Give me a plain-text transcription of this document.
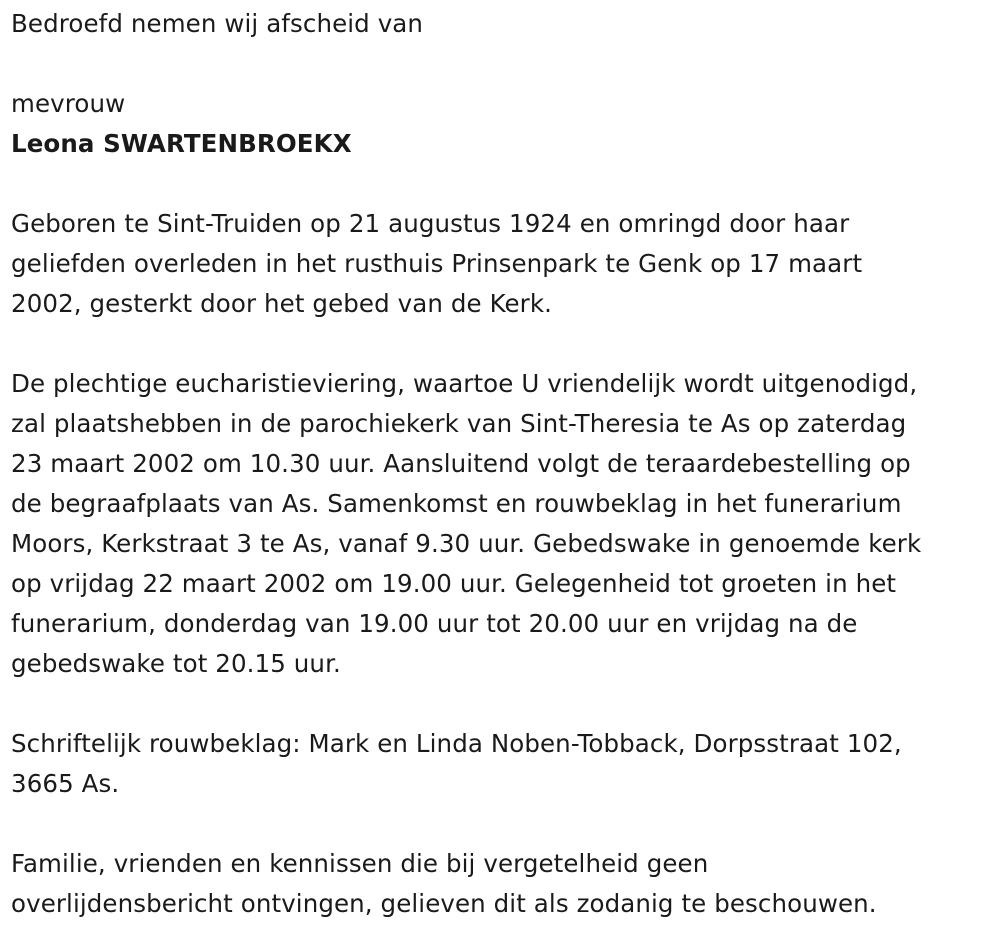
Bedroefd nemen wij afscheid van

mevrouw

Leona SWARTENBROEKX

Geboren te Sint-Truiden op 21 augustus 1924 en omringd door haar
geliefden overleden in het rusthuis Prinsenpark te Genk op 17 maart
2002, gesterkt door het gebed van de Kerk.

De plechtige eucharistieviering, waartoe U vriendelijk wordt uitgenodigd,
zal plaatshebben in de parochiekerk van Sint-Theresia te As op zaterdag
23 maart 2002 om 10.30 uur. Aansluitend volgt de teraardebestelling op
de begraafplaats van As. Samenkomst en rouwbeklag in het funerarium
Moors, Kerkstraat 3 te As, vanaf 9.30 uur. Gebedswake in genoemde kerk
op vrijdag 22 maart 2002 om 19.00 uur. Gelegenheid tot groeten in het
funerarium, donderdag van 19.00 uur tot 20.00 uur en vrijdag na de
gebedswake tot 20.15 uur.

Schriftelijk rouwbeklag: Mark en Linda Noben-Tobback, Dorpsstraat 102,
3665 As.

Familie, vrienden en kennissen die bij vergetelheid geen
overlijdensbericht ontvingen, gelieven dit als zodanig te beschouwen.
